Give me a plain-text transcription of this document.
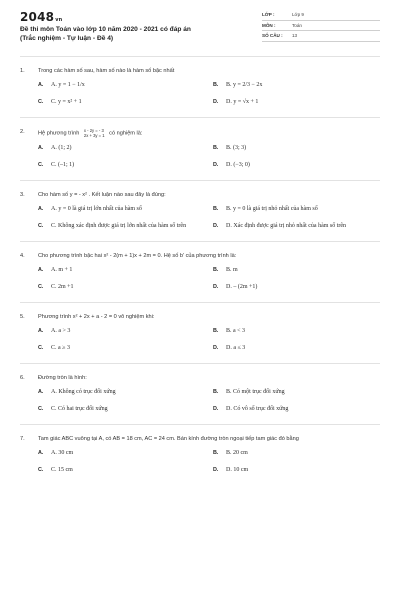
2048vn
Đề thi môn Toán vào lớp 10 năm 2020 - 2021 có đáp án
(Trắc nghiệm - Tự luận - Đề 4)
LỚP :	Lớp 9
MÔN :	Toán
SỐ CÂU :	13
1.	Trong các hàm số sau, hàm số nào là hàm số bậc nhất
A.	A. y = 1 − 1/x	B.	B. y = 2/3 − 2x
C.	C. y = x² + 1	D.	D. y = √x + 1
2.	Hệ phương trình x - 2y = - 3
2x + 3y = 1 có nghiệm là:
A.	A. (1; 2)	B.	B. (3; 3)
C.	C. (–1; 1)	D.	D. (−3; 0)
3.	Cho hàm số y = - x² . Kết luận nào sau đây là đúng:
A.	A. y = 0 là giá trị lớn nhất của hàm số	B.	B. y = 0 là giá trị nhỏ nhất của hàm số
C.	C. Không xác định được giá trị lớn nhất của hàm số trên	D.	D. Xác định được giá trị nhỏ nhất của hàm số trên
4.	Cho phương trình bậc hai x² - 2(m + 1)x + 2m = 0. Hệ số b' của phương trình là:
A.	A. m + 1	B.	B. m
C.	C. 2m +1	D.	D. – (2m +1)
5.	Phương trình x² + 2x + a - 2 = 0 vô nghiệm khi:
A.	A. a > 3	B.	B. a < 3
C.	C. a ≥ 3	D.	D. a ≤ 3
6.	Đường tròn là hình:
A.	A. Không có trục đối xứng	B.	B. Có một trục đối xứng
C.	C. Có hai trục đối xứng	D.	D. Có vô số trục đối xứng
7.	Tam giác ABC vuông tại A, có AB = 18 cm, AC = 24 cm. Bán kính đường tròn ngoại tiếp tam giác đó bằng
A.	A. 30 cm	B.	B. 20 cm
C.	C. 15 cm	D.	D. 10 cm
